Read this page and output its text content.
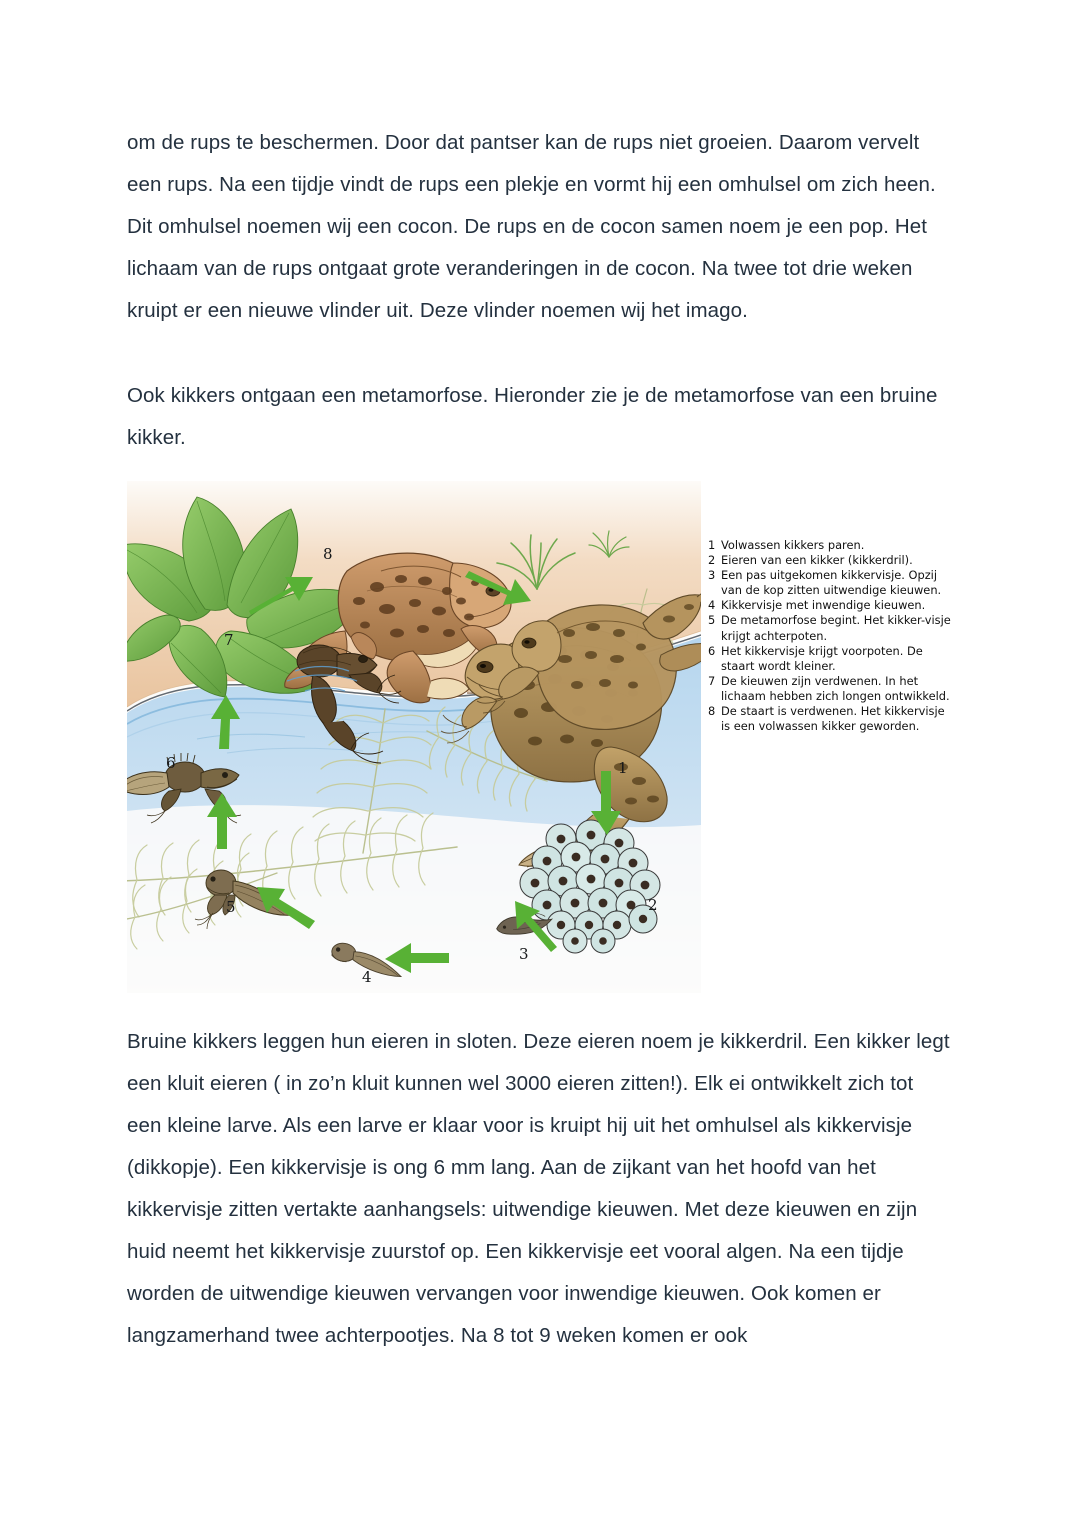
om de rups te beschermen. Door dat pantser kan de rups niet groeien. Daarom vervelt een rups. Na een tijdje vindt de rups een plekje en vormt hij een omhulsel om zich heen. Dit omhulsel noemen wij een cocon. De rups en de cocon samen noem je een pop. Het lichaam van de rups ontgaat grote veranderingen in de cocon. Na twee tot drie weken kruipt er een nieuwe vlinder uit. Deze vlinder noemen wij het imago.

Ook kikkers ontgaan een metamorfose. Hieronder zie je de metamorfose van een bruine kikker.

1
2
3
4
5
6
7
8	1 Volwassen kikkers paren.
2 Eieren van een kikker (kikkerdril).
3 Een pas uitgekomen kikkervisje. Opzij van de kop zitten uitwendige kieuwen.
4 Kikkervisje met inwendige kieuwen.
5 De metamorfose begint. Het kikker-visje krijgt achterpoten.
6 Het kikkervisje krijgt voorpoten. De staart wordt kleiner.
7 De kieuwen zijn verdwenen. In het lichaam hebben zich longen ontwikkeld.
8 De staart is verdwenen. Het kikkervisje is een volwassen kikker geworden.

Bruine kikkers leggen hun eieren in sloten. Deze eieren noem je kikkerdril. Een kikker legt een kluit eieren ( in zo’n kluit kunnen wel 3000 eieren zitten!). Elk ei ontwikkelt zich tot een kleine larve. Als een larve er klaar voor is kruipt hij uit het omhulsel als kikkervisje (dikkopje). Een kikkervisje is ong 6 mm lang. Aan de zijkant van het hoofd van het kikkervisje zitten vertakte aanhangsels: uitwendige kieuwen. Met deze kieuwen en zijn huid neemt het kikkervisje zuurstof op. Een kikkervisje eet vooral algen. Na een tijdje worden de uitwendige kieuwen vervangen voor inwendige kieuwen. Ook komen er langzamerhand twee achterpootjes. Na 8 tot 9 weken komen er ook
